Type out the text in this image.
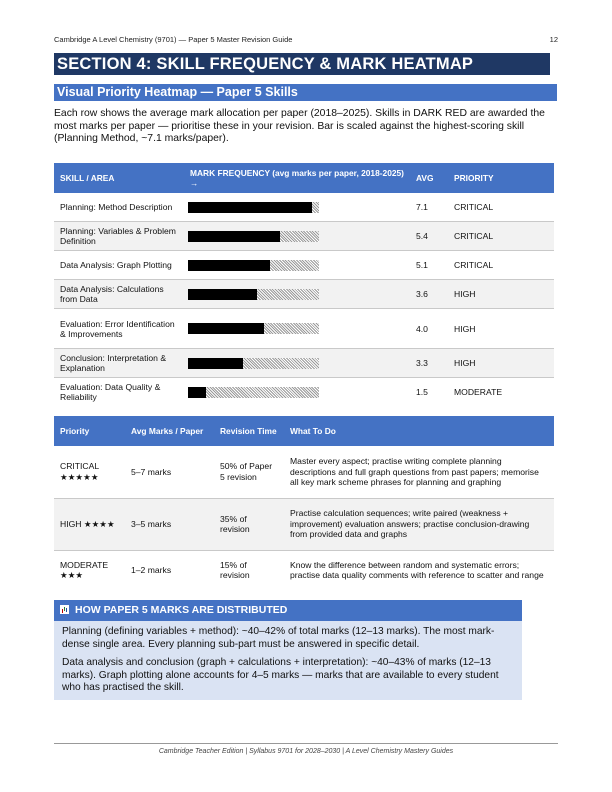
Cambridge A Level Chemistry (9701) — Paper 5 Master Revision Guide	12
SECTION 4: SKILL FREQUENCY & MARK HEATMAP
Visual Priority Heatmap — Paper 5 Skills
Each row shows the average mark allocation per paper (2018–2025). Skills in DARK RED are awarded the most marks per paper — prioritise these in your revision. Bar is scaled against the highest-scoring skill (Planning Method, ~7.1 marks/paper).
SKILL / AREA	MARK FREQUENCY (avg marks per paper, 2018-2025) →	AVG	PRIORITY
Planning: Method Description		7.1	CRITICAL
Planning: Variables & Problem Definition		5.4	CRITICAL
Data Analysis: Graph Plotting		5.1	CRITICAL
Data Analysis: Calculations from Data		3.6	HIGH
Evaluation: Error Identification & Improvements		4.0	HIGH
Conclusion: Interpretation & Explanation		3.3	HIGH
Evaluation: Data Quality & Reliability		1.5	MODERATE
Priority	Avg Marks / Paper	Revision Time	What To Do
CRITICAL ★★★★★	5–7 marks	50% of Paper 5 revision	Master every aspect; practise writing complete planning descriptions and full graph questions from past papers; memorise all key mark scheme phrases for planning and graphing
HIGH ★★★★	3–5 marks	35% of revision	Practise calculation sequences; write paired (weakness + improvement) evaluation answers; practise conclusion-drawing from provided data and graphs
MODERATE ★★★	1–2 marks	15% of revision	Know the difference between random and systematic errors; practise data quality comments with reference to scatter and range
HOW PAPER 5 MARKS ARE DISTRIBUTED
Planning (defining variables + method): ~40–42% of total marks (12–13 marks). The most mark-dense single area. Every planning sub-part must be answered in specific detail.
Data analysis and conclusion (graph + calculations + interpretation): ~40–43% of marks (12–13 marks). Graph plotting alone accounts for 4–5 marks — marks that are available to every student who has practised the skill.
Cambridge Teacher Edition | Syllabus 9701 for 2028–2030 | A Level Chemistry Mastery Guides
